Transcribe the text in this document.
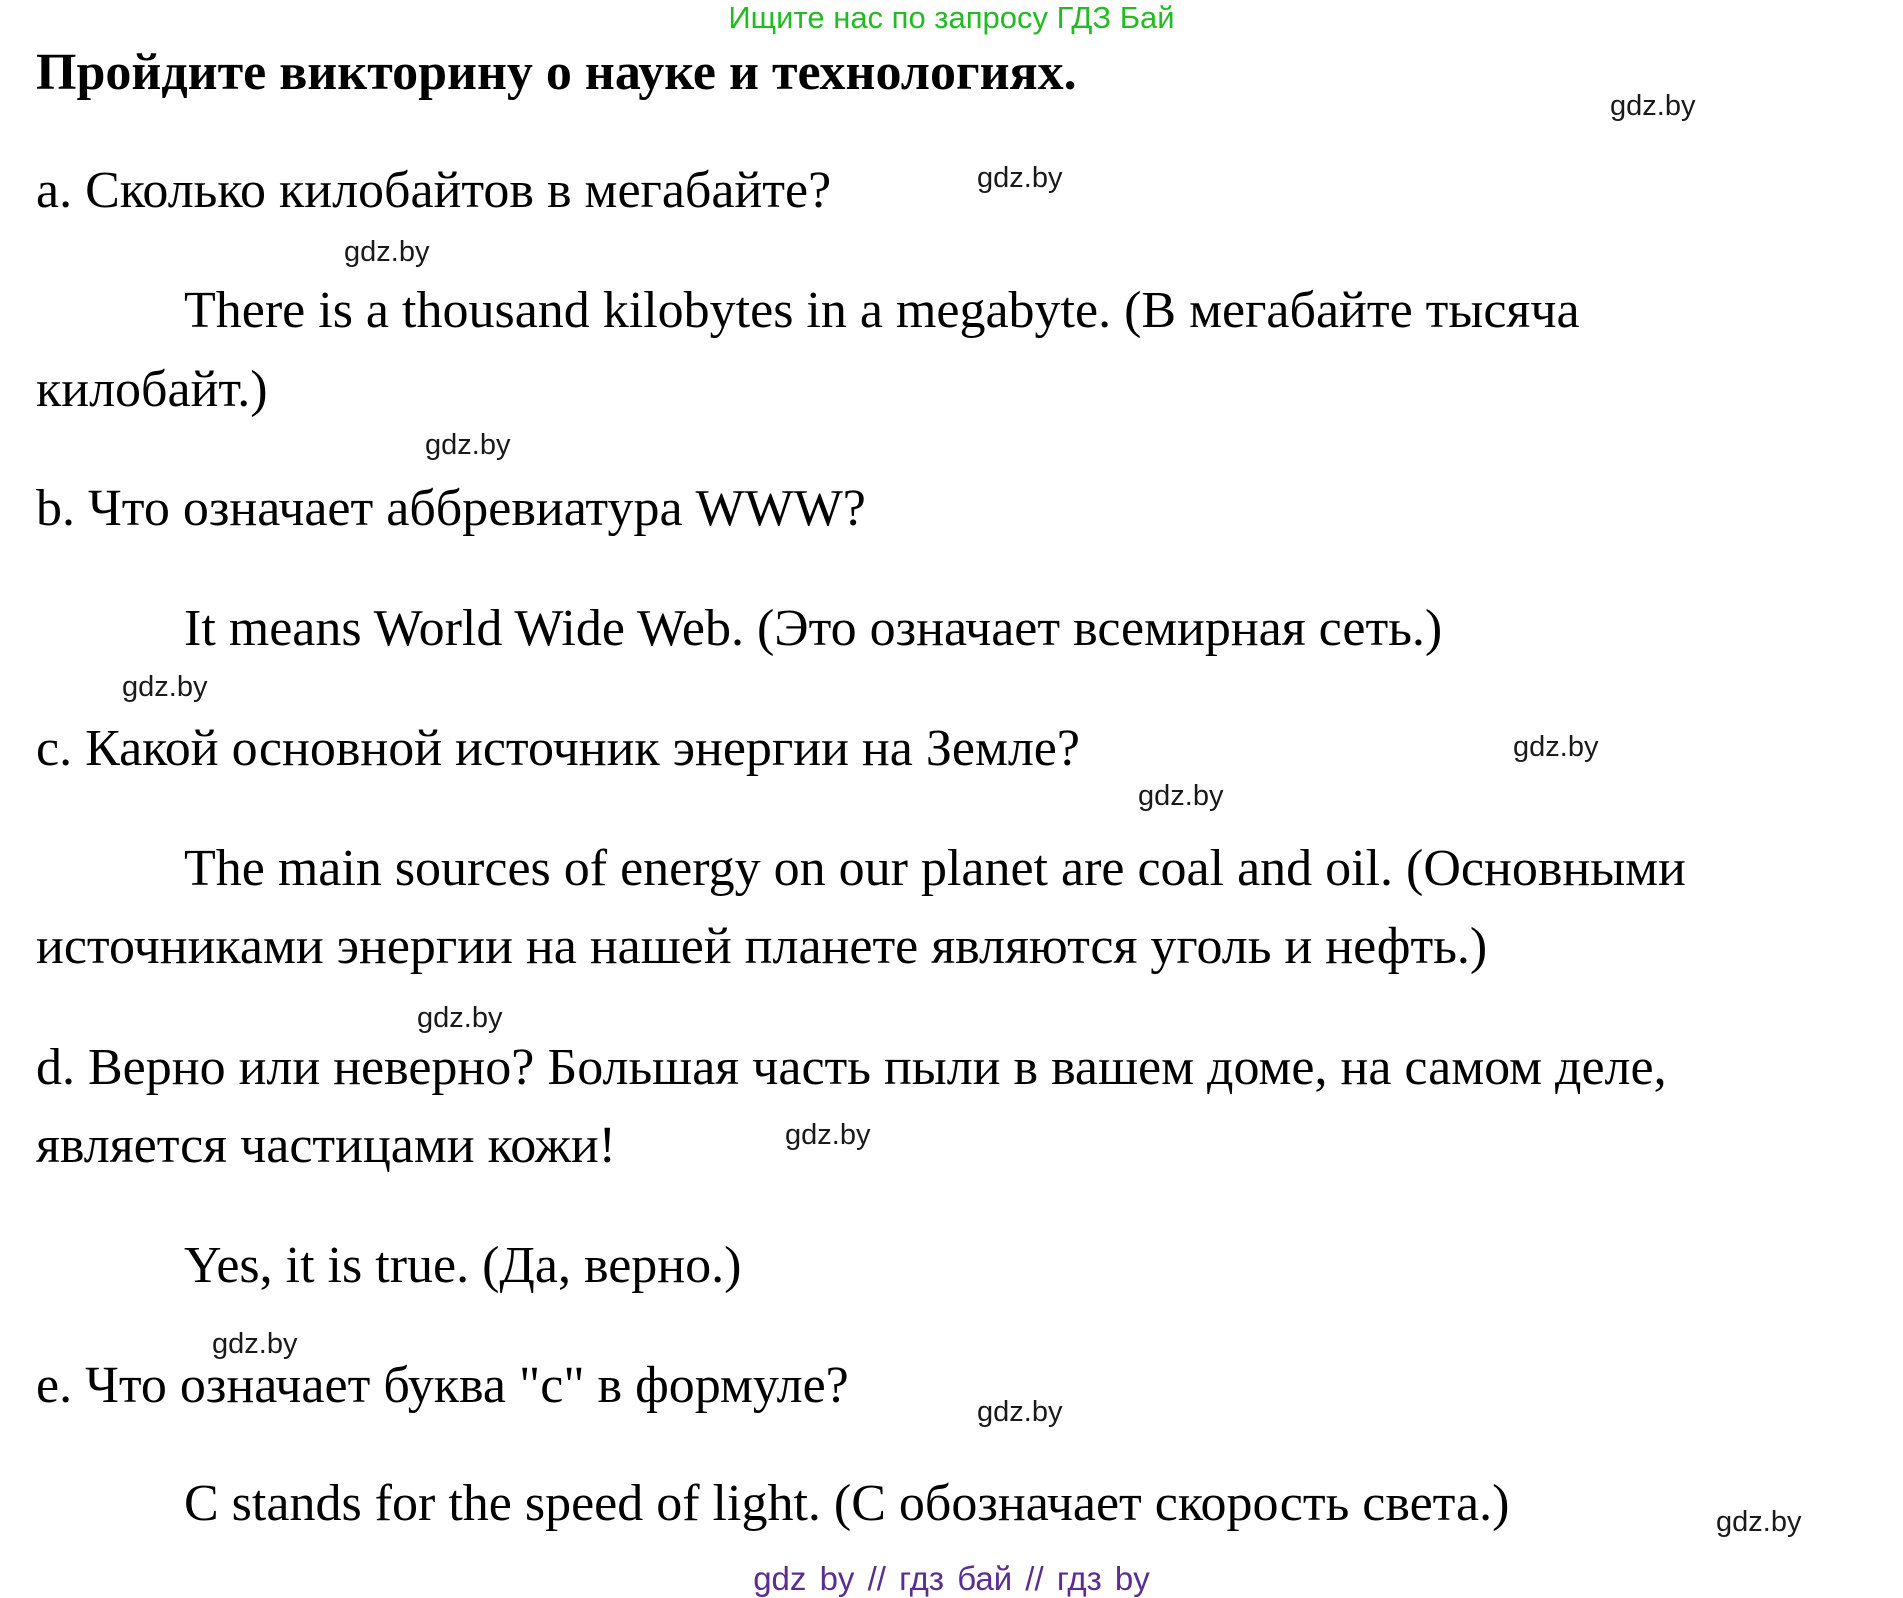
Ищите нас по запросу ГДЗ Бай
Пройдите викторину о науке и технологиях.
a. Сколько килобайтов в мегабайте?
There is a thousand kilobytes in a megabyte. (В мегабайте тысяча
килобайт.)
b. Что означает аббревиатура WWW?
It means World Wide Web. (Это означает всемирная сеть.)
c. Какой основной источник энергии на Земле?
The main sources of energy on our planet are coal and oil. (Основными
источниками энергии на нашей планете являются уголь и нефть.)
d. Верно или неверно? Большая часть пыли в вашем доме, на самом деле,
является частицами кожи!
Yes, it is true. (Да, верно.)
e. Что означает буква "c" в формуле?
C stands for the speed of light. (С обозначает скорость света.)
gdz.by
gdz.by
gdz.by
gdz.by
gdz.by
gdz.by
gdz.by
gdz.by
gdz.by
gdz.by
gdz.by
gdz.by
gdz by // гдз бай // гдз by
